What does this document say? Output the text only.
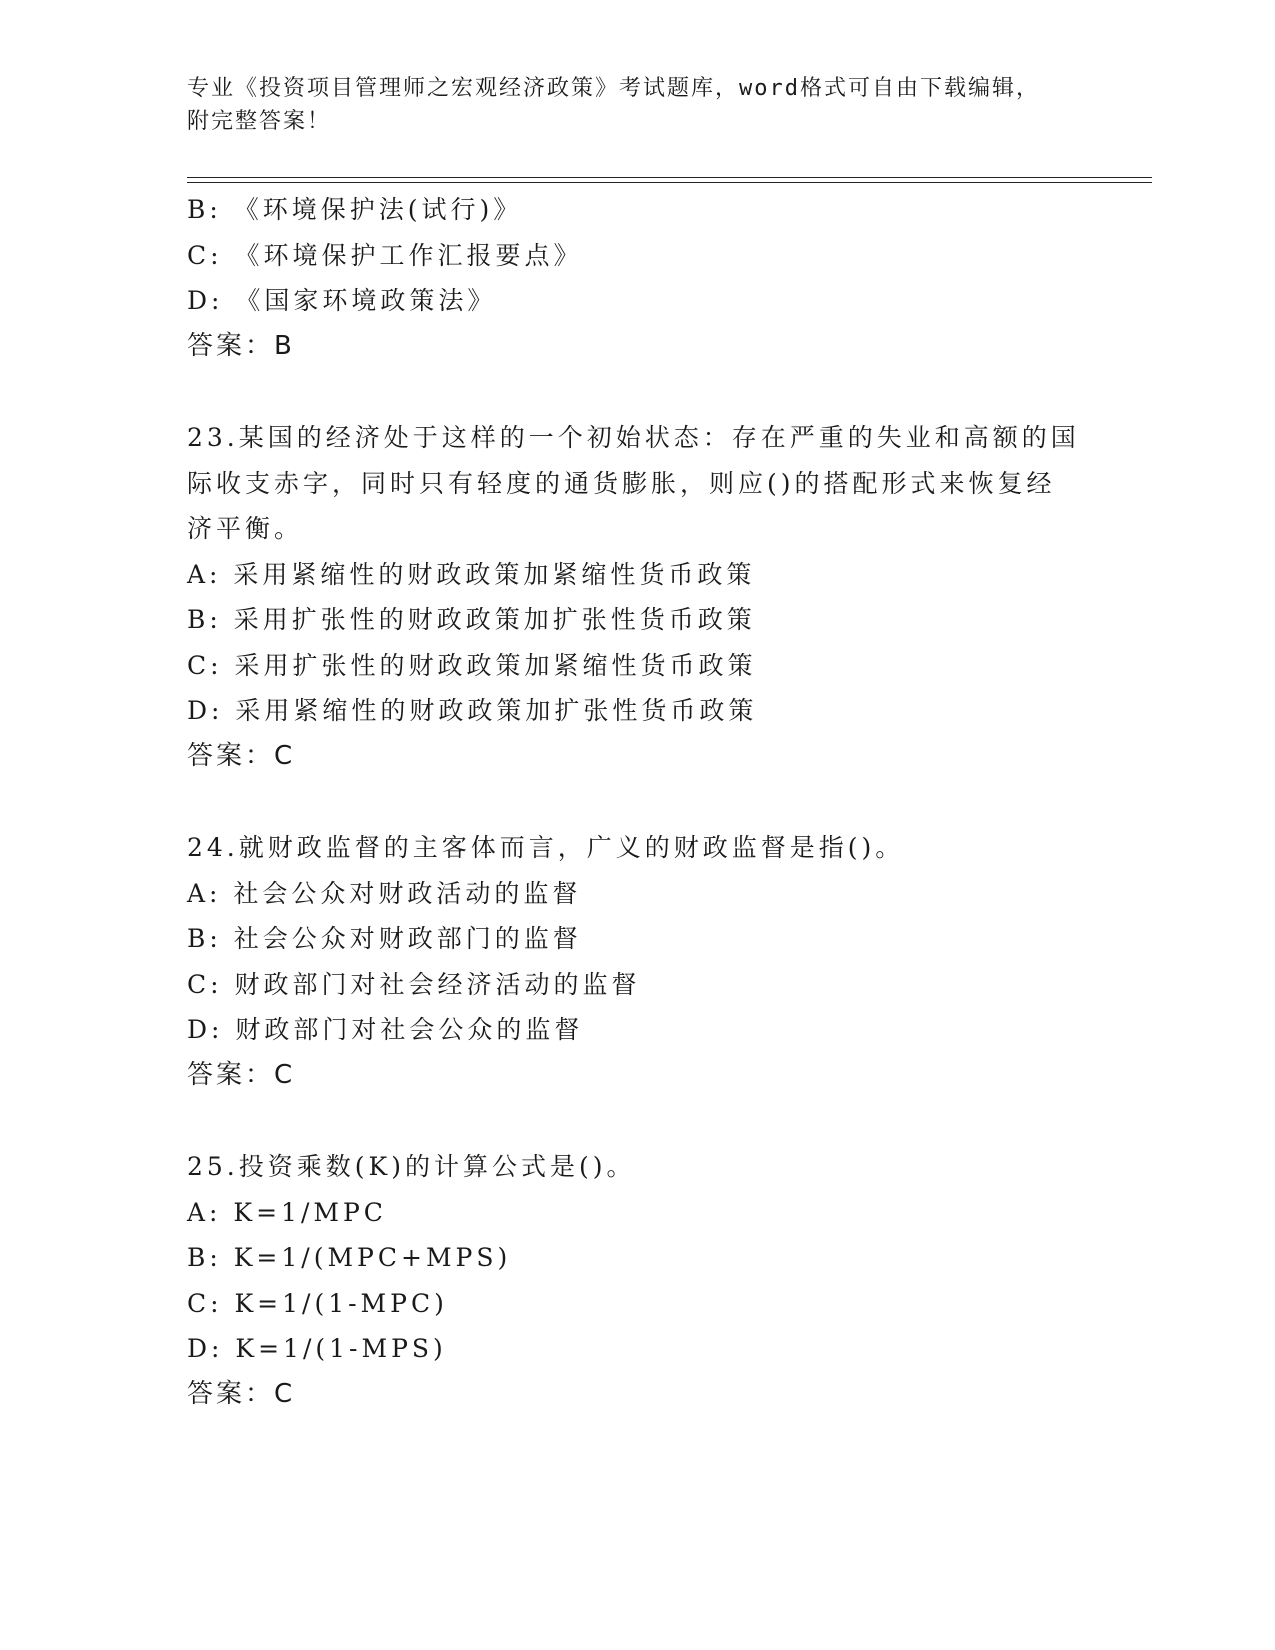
专业《投资项目管理师之宏观经济政策》考试题库，word格式可自由下载编辑，
附完整答案！
B: 《环境保护法(试行)》
C: 《环境保护工作汇报要点》
D: 《国家环境政策法》
答案：B
23.某国的经济处于这样的一个初始状态：存在严重的失业和高额的国
际收支赤字，同时只有轻度的通货膨胀，则应()的搭配形式来恢复经
济平衡。
A: 采用紧缩性的财政政策加紧缩性货币政策
B: 采用扩张性的财政政策加扩张性货币政策
C: 采用扩张性的财政政策加紧缩性货币政策
D: 采用紧缩性的财政政策加扩张性货币政策
答案：C
24.就财政监督的主客体而言，广义的财政监督是指()。
A: 社会公众对财政活动的监督
B: 社会公众对财政部门的监督
C: 财政部门对社会经济活动的监督
D: 财政部门对社会公众的监督
答案：C
25.投资乘数(K)的计算公式是()。
A: K=1/MPC
B: K=1/(MPC+MPS)
C: K=1/(1-MPC)
D: K=1/(1-MPS)
答案：C
